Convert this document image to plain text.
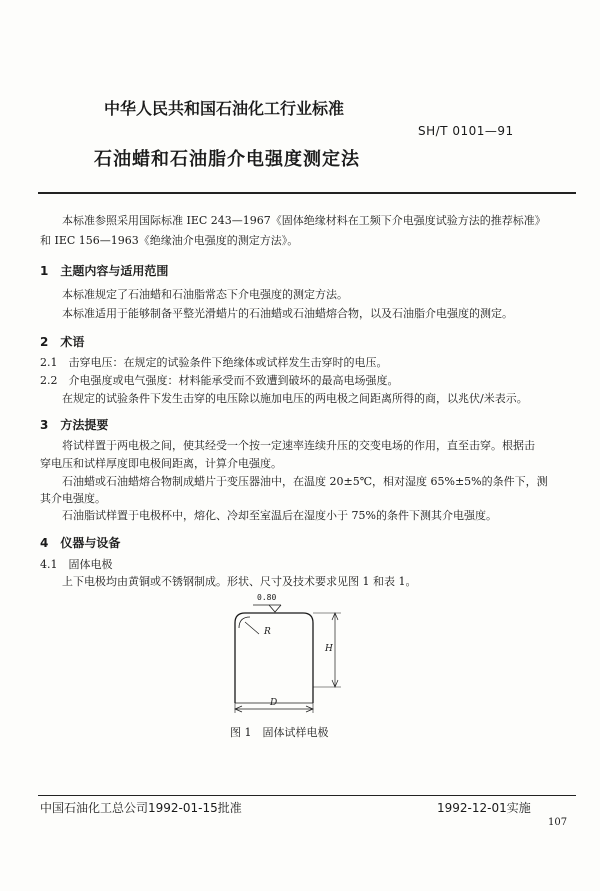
中华人民共和国石油化工行业标准
SH/T 0101—91
石油蜡和石油脂介电强度测定法
本标准参照采用国际标准 IEC 243—1967《固体绝缘材料在工频下介电强度试验方法的推荐标准》
和 IEC 156—1963《绝缘油介电强度的测定方法》。
1　主题内容与适用范围
本标准规定了石油蜡和石油脂常态下介电强度的测定方法。
本标准适用于能够制备平整光滑蜡片的石油蜡或石油蜡熔合物，以及石油脂介电强度的测定。
2　术语
2.1　击穿电压：在规定的试验条件下绝缘体或试样发生击穿时的电压。
2.2　介电强度或电气强度：材料能承受而不致遭到破坏的最高电场强度。
在规定的试验条件下发生击穿的电压除以施加电压的两电极之间距离所得的商，以兆伏/米表示。
3　方法提要
将试样置于两电极之间，使其经受一个按一定速率连续升压的交变电场的作用，直至击穿。根据击
穿电压和试样厚度即电极间距离，计算介电强度。
石油蜡或石油蜡熔合物制成蜡片于变压器油中，在温度 20±5℃，相对湿度 65%±5%的条件下，测
其介电强度。
石油脂试样置于电极杯中，熔化、冷却至室温后在湿度小于 75%的条件下测其介电强度。
4　仪器与设备
4.1　固体电极
上下电极均由黄铜或不锈钢制成。形状、尺寸及技术要求见图 1 和表 1。
0.80
R
H
D
图 1　固体试样电极
中国石油化工总公司1992-01-15批准	1992-12-01实施
107
